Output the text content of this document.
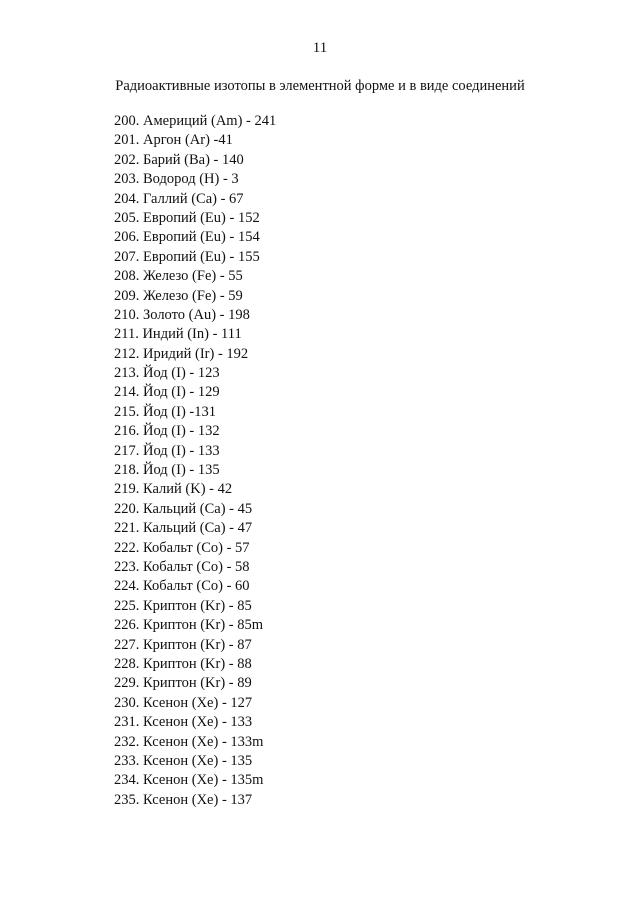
11
Радиоактивные изотопы в элементной форме и в виде соединений
200. Америций (Am) - 241
201. Аргон (Ar) -41
202. Барий (Ba) - 140
203. Водород (H) - 3
204. Галлий (Ca) - 67
205. Европий (Eu) - 152
206. Европий (Eu) - 154
207. Европий (Eu) - 155
208. Железо (Fe) - 55
209. Железо (Fe) - 59
210. Золото (Au) - 198
211. Индий (In) - 111
212. Иридий (Ir) - 192
213. Йод (I) - 123
214. Йод (I) - 129
215. Йод (I) -131
216. Йод (I) - 132
217. Йод (I) - 133
218. Йод (I) - 135
219. Калий (K) - 42
220. Кальций (Ca) - 45
221. Кальций (Ca) - 47
222. Кобальт (Co) - 57
223. Кобальт (Co) - 58
224. Кобальт (Co) - 60
225. Криптон (Kr) - 85
226. Криптон (Kr) - 85m
227. Криптон (Kr) - 87
228. Криптон (Kr) - 88
229. Криптон (Kr) - 89
230. Ксенон (Xe) - 127
231. Ксенон (Xe) - 133
232. Ксенон (Xe) - 133m
233. Ксенон (Xe) - 135
234. Ксенон (Xe) - 135m
235. Ксенон (Xe) - 137
